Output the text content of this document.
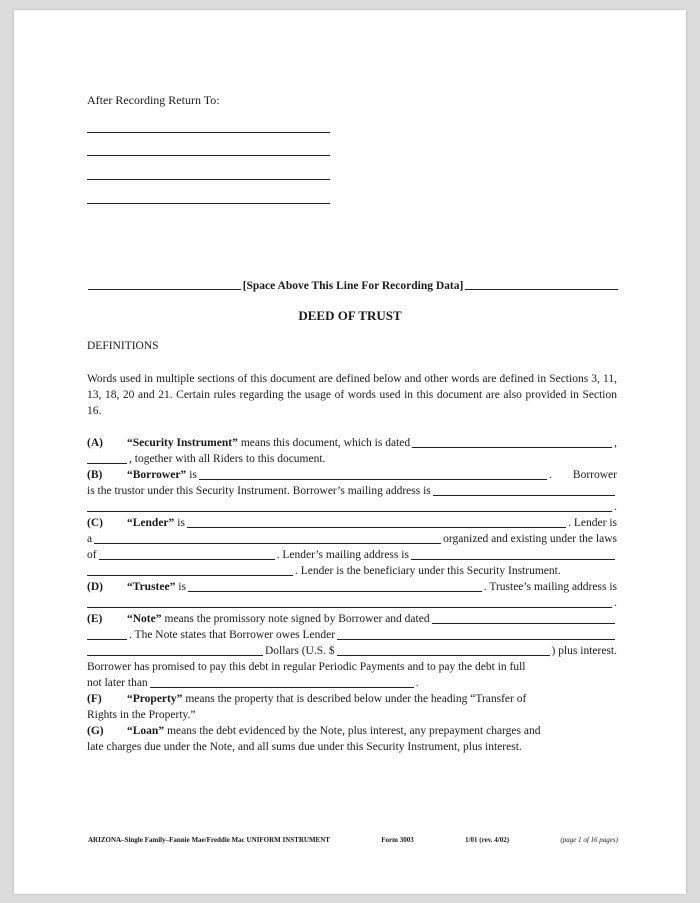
After Recording Return To:
[Space Above This Line For Recording Data]
DEED OF TRUST
DEFINITIONS
Words used in multiple sections of this document are defined below and other words are defined in Sections 3, 11, 13, 18, 20 and 21. Certain rules regarding the usage of words used in this document are also provided in Section 16.
(A)	“Security Instrument” means this document, which is dated	,
, together with all Riders to this document.
(B)	“Borrower” is	. Borrower
is the trustor under this Security Instrument. Borrower’s mailing address is
.
(C)	“Lender” is	. Lender is
a	organized and existing under the laws
of	. Lender’s mailing address is
. Lender is the beneficiary under this Security Instrument.
(D)	“Trustee” is	. Trustee’s mailing address is
.
(E)	“Note” means the promissory note signed by Borrower and dated
. The Note states that Borrower owes Lender
Dollars (U.S. $	) plus interest.
Borrower has promised to pay this debt in regular Periodic Payments and to pay the debt in full
not later than	.
(F)	“Property” means the property that is described below under the heading “Transfer of
Rights in the Property.”
(G)	“Loan” means the debt evidenced by the Note, plus interest, any prepayment charges and
late charges due under the Note, and all sums due under this Security Instrument, plus interest.
ARIZONA–Single Family–Fannie Mae/Freddie Mac UNIFORM INSTRUMENT	Form 3003	1/01 (rev. 4/02)	(page 1 of 16 pages)
